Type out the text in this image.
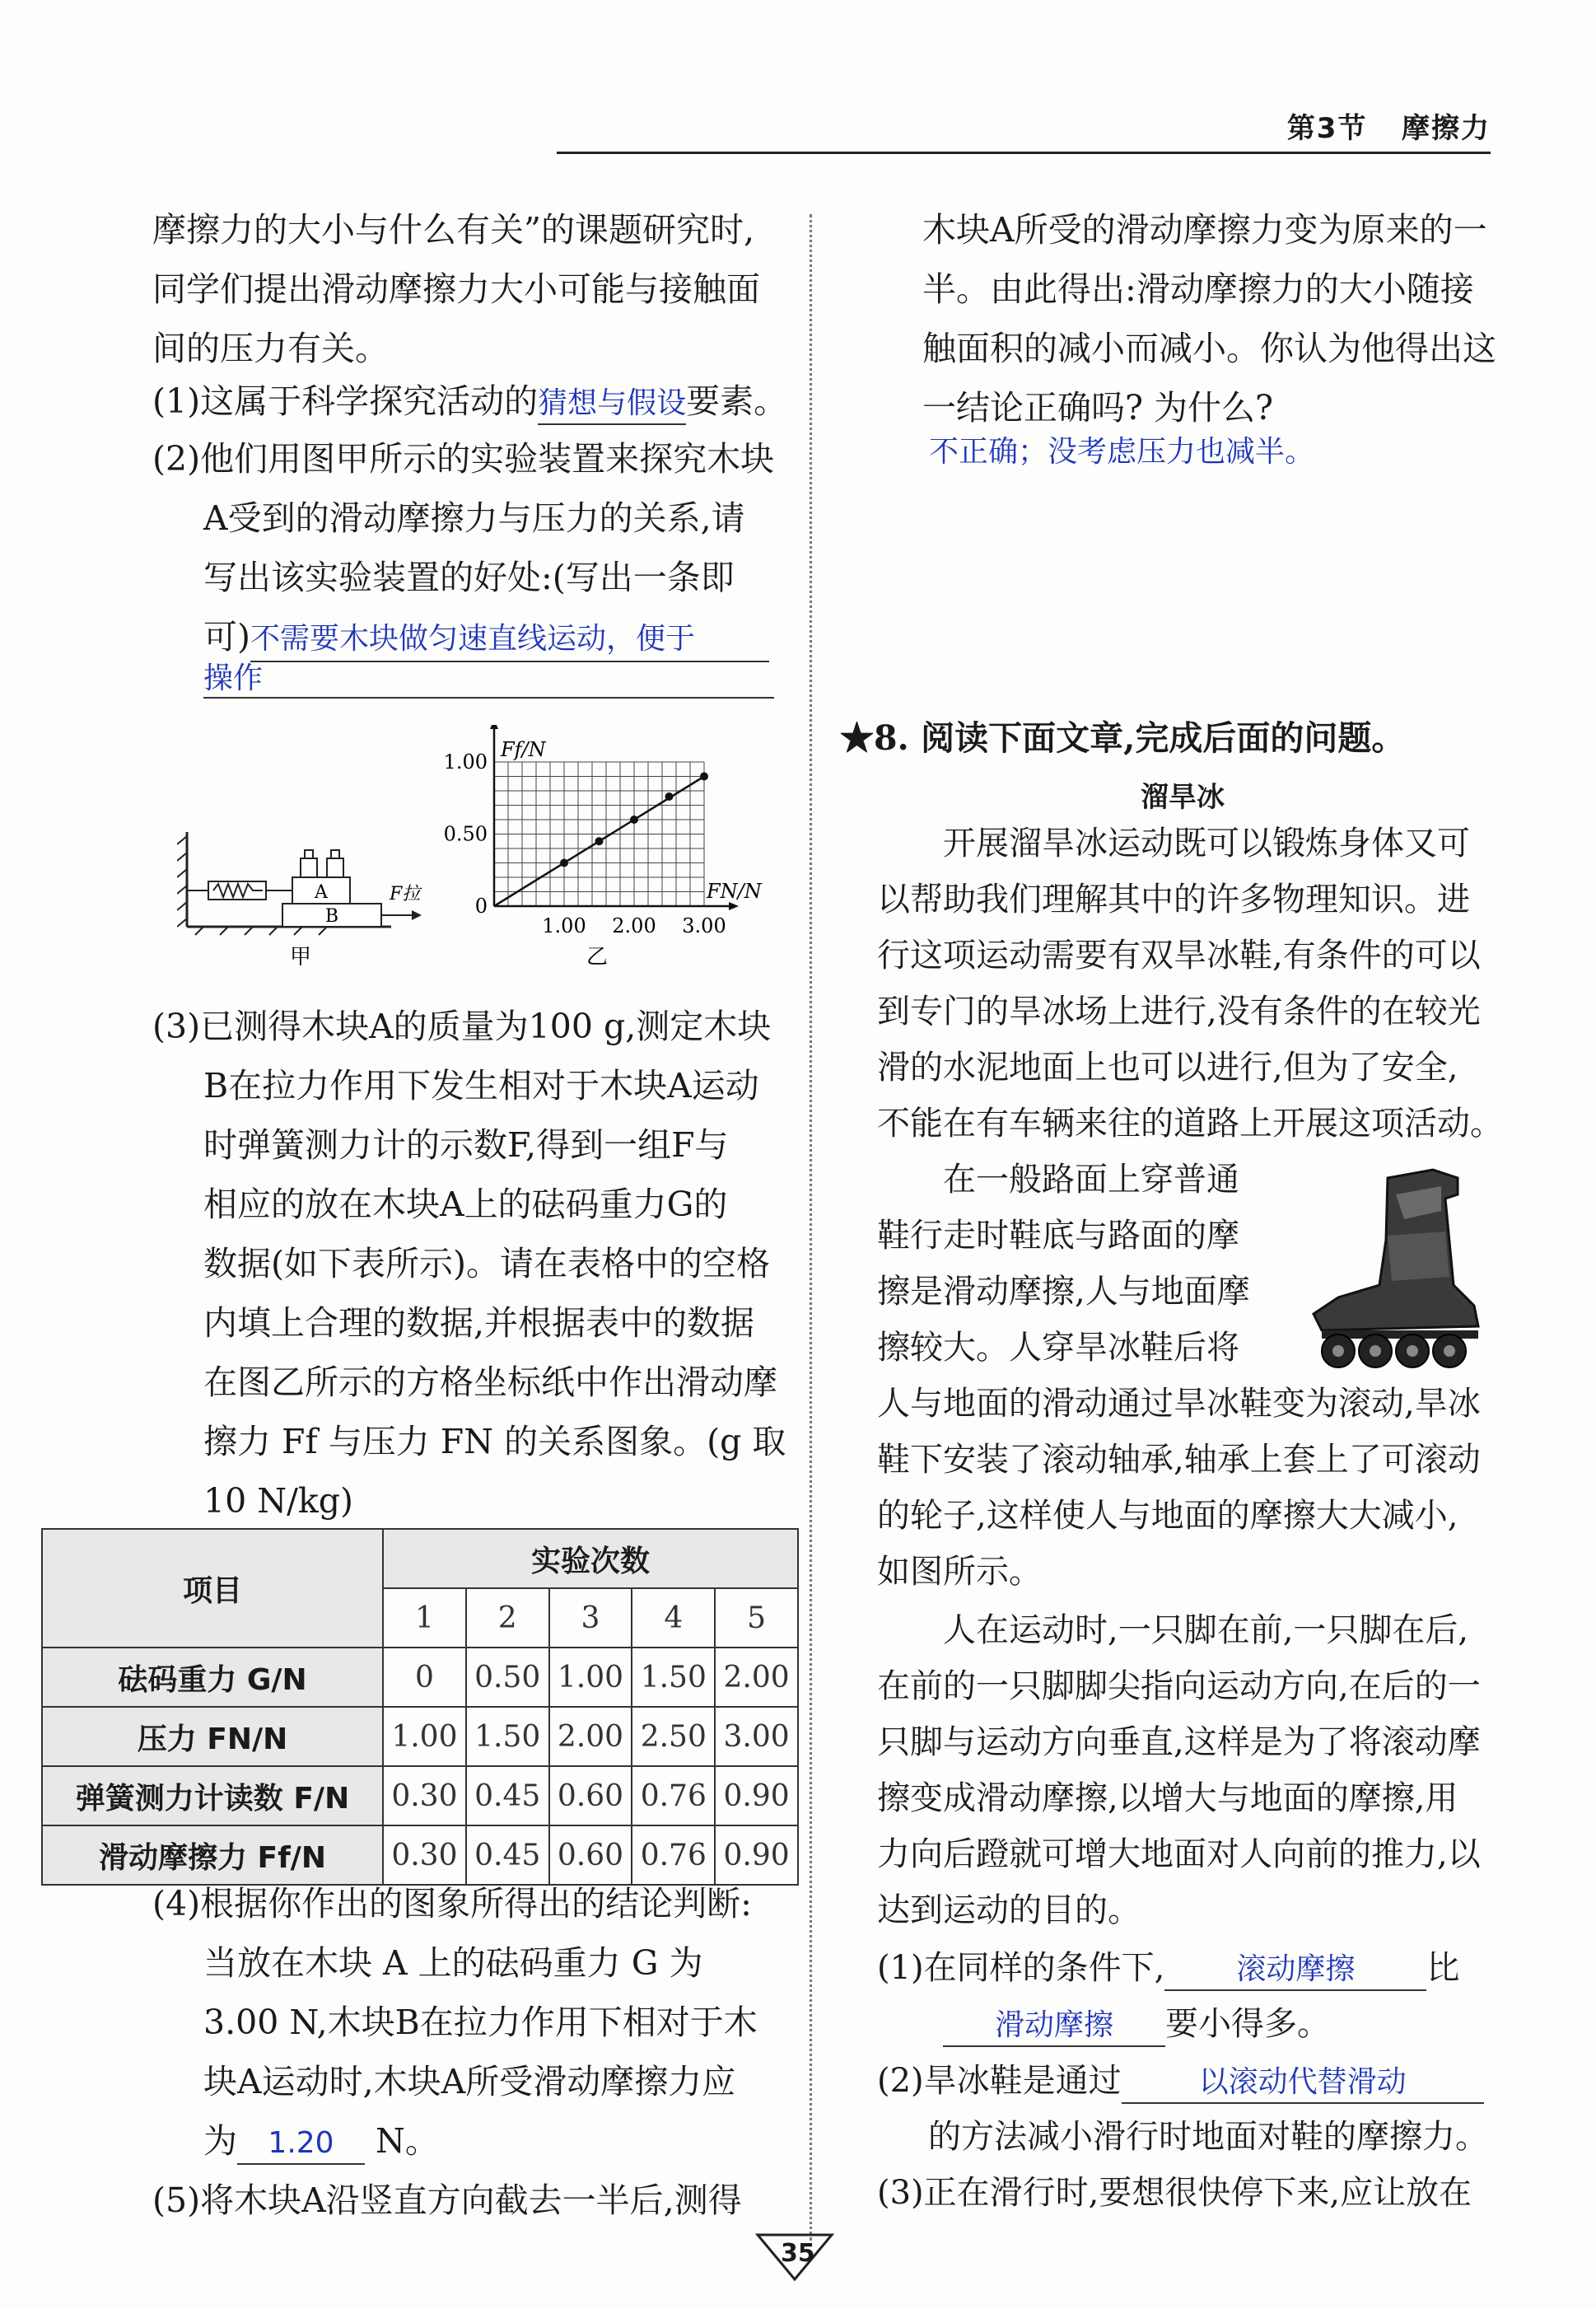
第3节 摩擦力
摩擦力的大小与什么有关”的课题研究时,
同学们提出滑动摩擦力大小可能与接触面
间的压力有关。
(1)这属于科学探究活动的猜想与假设要素。
(2)他们用图甲所示的实验装置来探究木块
A受到的滑动摩擦力与压力的关系,请
写出该实验装置的好处:(写出一条即
可)不需要木块做匀速直线运动，便于
操作
A
B
F拉
甲
1.00
0.50
0
1.00 2.00 3.00
Ff/N
FN/N
乙
(3)已测得木块A的质量为100 g,测定木块
B在拉力作用下发生相对于木块A运动
时弹簧测力计的示数F,得到一组F与
相应的放在木块A上的砝码重力G的
数据(如下表所示)。请在表格中的空格
内填上合理的数据,并根据表中的数据
在图乙所示的方格坐标纸中作出滑动摩
擦力 Ff 与压力 FN 的关系图象。(g 取
10 N/kg)
项目	实验次数				
	1	2	3	4	5
砝码重力 G/N	0	0.50	1.00	1.50	2.00
压力 FN/N	1.00	1.50	2.00	2.50	3.00
弹簧测力计读数 F/N	0.30	0.45	0.60	0.76	0.90
滑动摩擦力 Ff/N	0.30	0.45	0.60	0.76	0.90
(4)根据你作出的图象所得出的结论判断:
当放在木块 A 上的砝码重力 G 为
3.00 N,木块B在拉力作用下相对于木
块A运动时,木块A所受滑动摩擦力应
为 1.20 N。
(5)将木块A沿竖直方向截去一半后,测得
木块A所受的滑动摩擦力变为原来的一
半。由此得出:滑动摩擦力的大小随接
触面积的减小而减小。你认为他得出这
一结论正确吗? 为什么?
不正确；没考虑压力也减半。
★8. 阅读下面文章,完成后面的问题。
溜旱冰
开展溜旱冰运动既可以锻炼身体又可
以帮助我们理解其中的许多物理知识。进
行这项运动需要有双旱冰鞋,有条件的可以
到专门的旱冰场上进行,没有条件的在较光
滑的水泥地面上也可以进行,但为了安全,
不能在有车辆来往的道路上开展这项活动。
在一般路面上穿普通
鞋行走时鞋底与路面的摩
擦是滑动摩擦,人与地面摩
擦较大。人穿旱冰鞋后将
人与地面的滑动通过旱冰鞋变为滚动,旱冰
鞋下安装了滚动轴承,轴承上套上了可滚动
的轮子,这样使人与地面的摩擦大大减小,
如图所示。
人在运动时,一只脚在前,一只脚在后,
在前的一只脚脚尖指向运动方向,在后的一
只脚与运动方向垂直,这样是为了将滚动摩
擦变成滑动摩擦,以增大与地面的摩擦,用
力向后蹬就可增大地面对人向前的推力,以
达到运动的目的。
(1)在同样的条件下, 滚动摩擦 比
滑动摩擦 要小得多。
(2)旱冰鞋是通过	以滚动代替滑动
的方法减小滑行时地面对鞋的摩擦力。
(3)正在滑行时,要想很快停下来,应让放在
35
